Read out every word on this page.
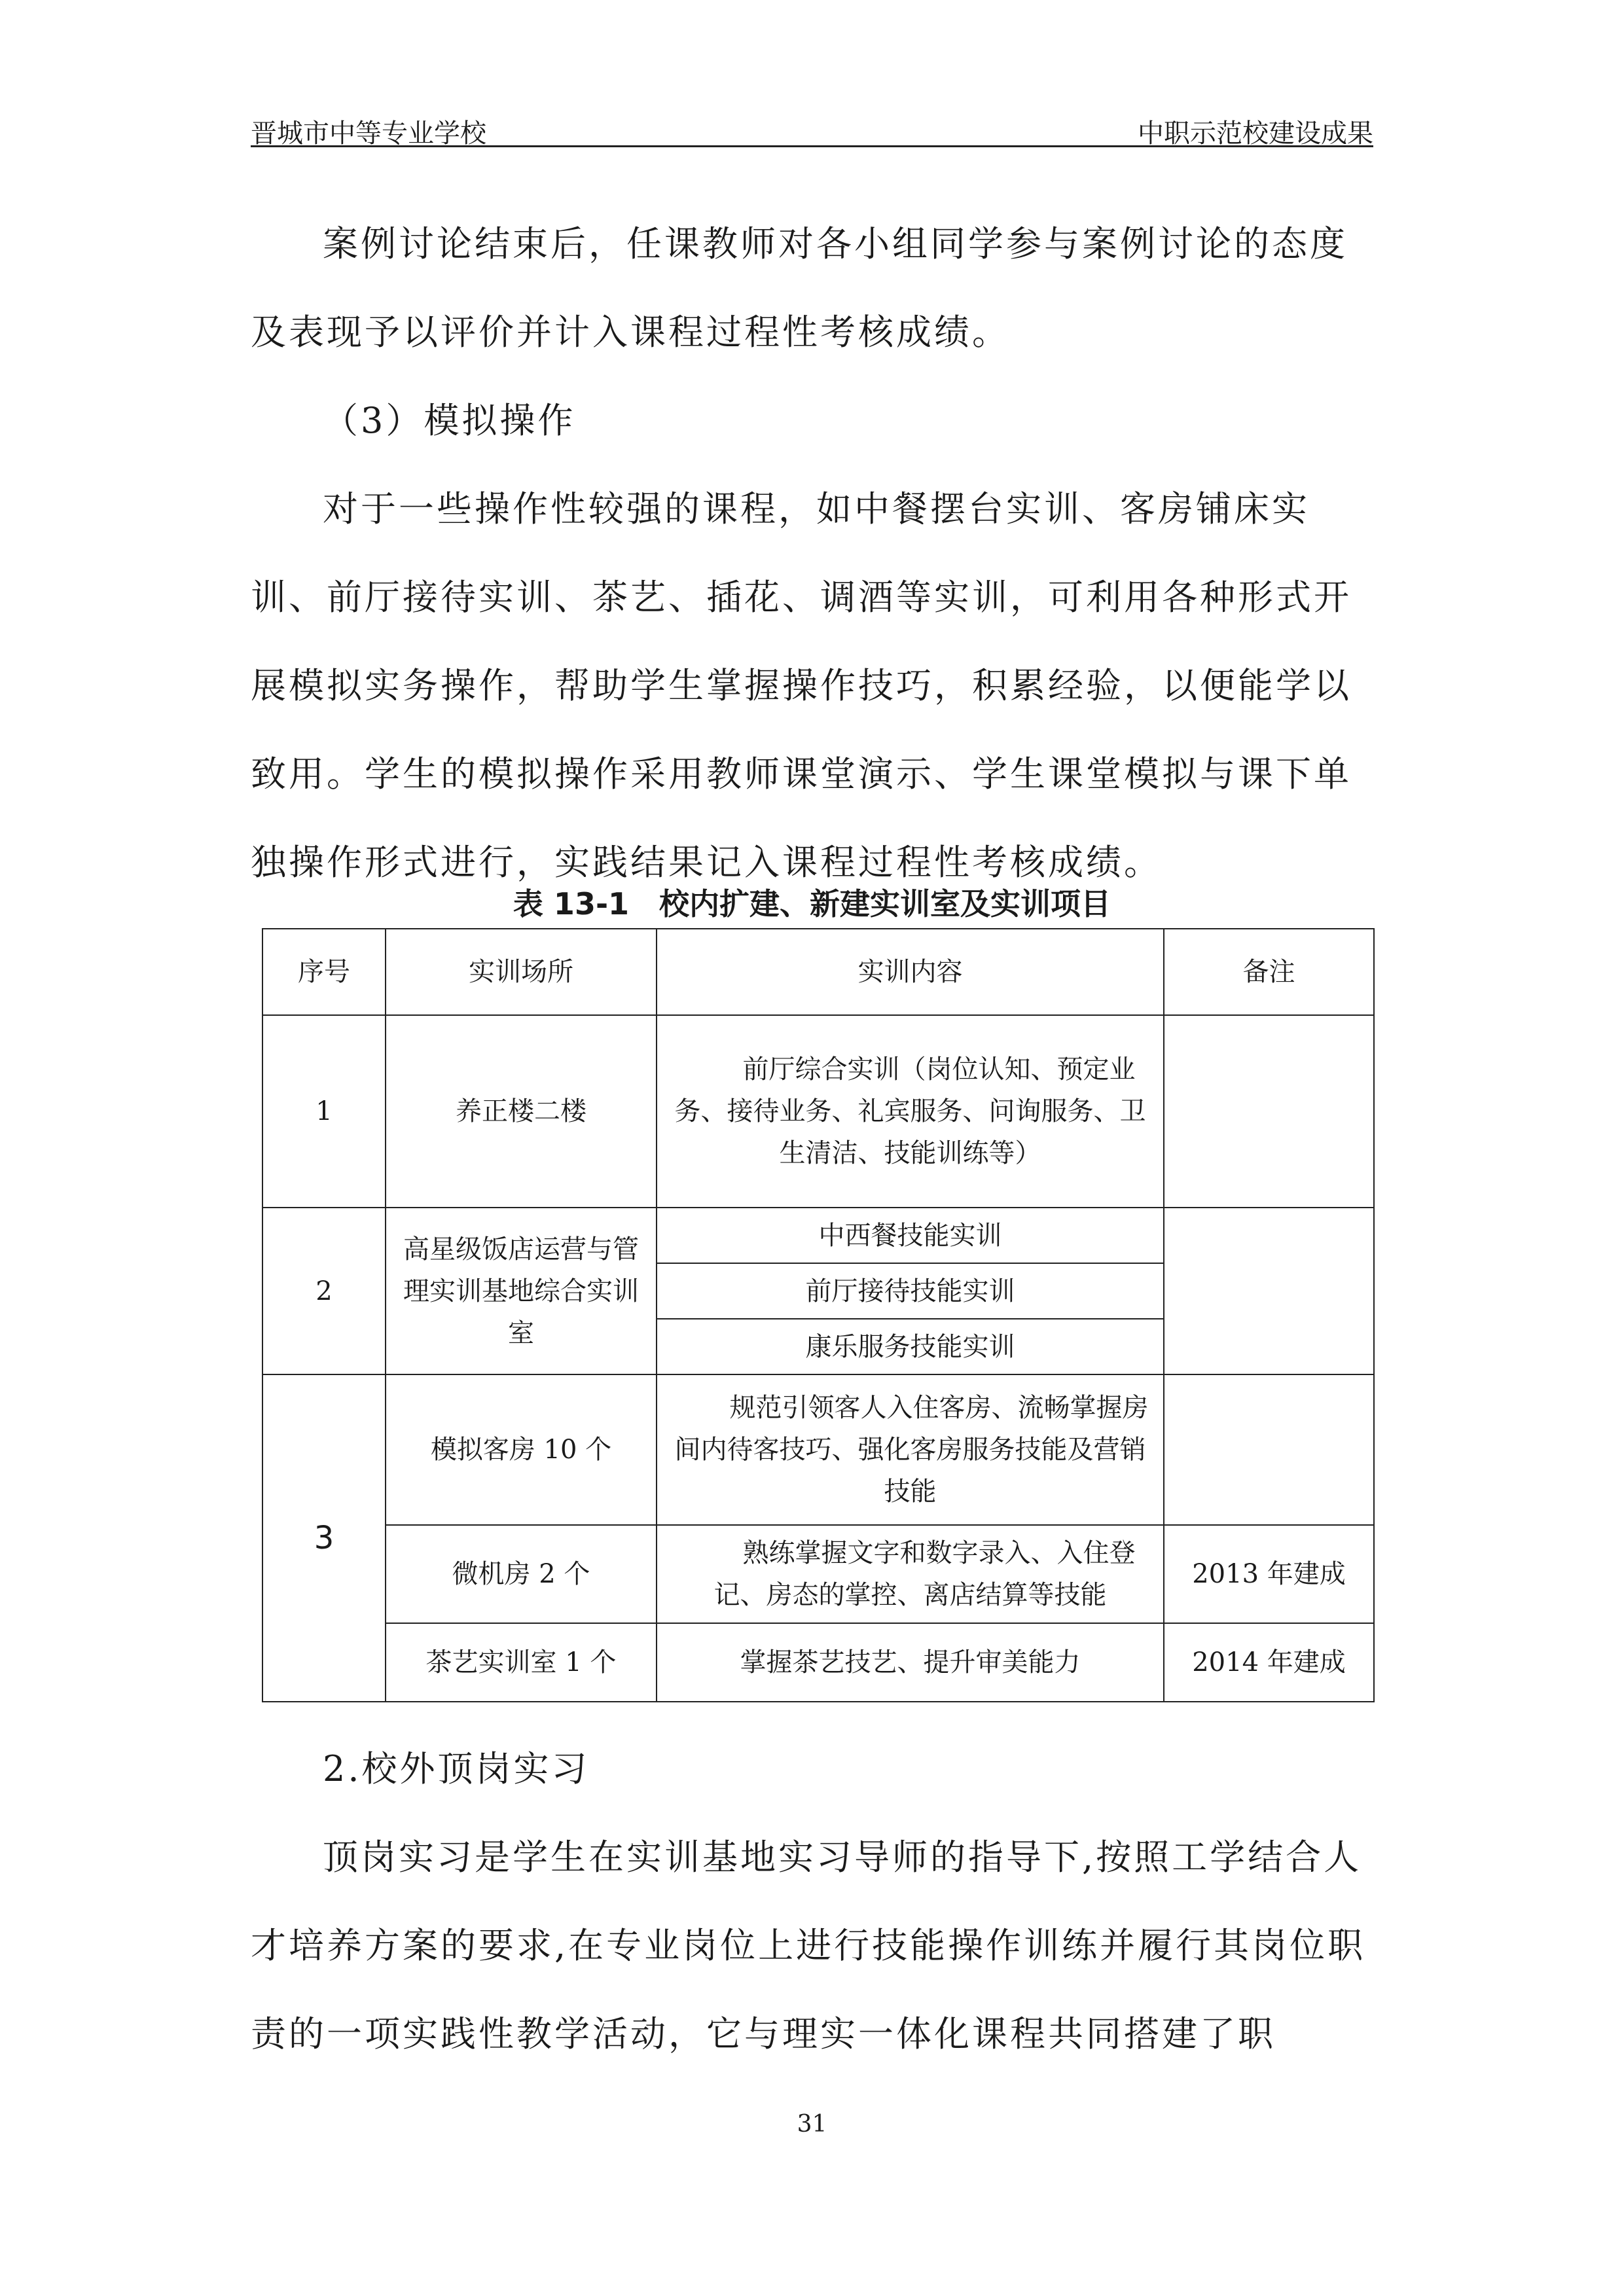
晋城市中等专业学校	中职示范校建设成果

案例讨论结束后，任课教师对各小组同学参与案例讨论的态度及表现予以评价并计入课程过程性考核成绩。

（3）模拟操作

对于一些操作性较强的课程，如中餐摆台实训、客房铺床实训、前厅接待实训、茶艺、插花、调酒等实训，可利用各种形式开展模拟实务操作，帮助学生掌握操作技巧，积累经验，以便能学以致用。学生的模拟操作采用教师课堂演示、学生课堂模拟与课下单独操作形式进行，实践结果记入课程过程性考核成绩。

表 13-1　校内扩建、新建实训室及实训项目
序号	实训场所	实训内容	备注
1	养正楼二楼	前厅综合实训（岗位认知、预定业务、接待业务、礼宾服务、问询服务、卫生清洁、技能训练等）	
2	高星级饭店运营与管理实训基地综合实训室	中西餐技能实训	
		前厅接待技能实训	
		康乐服务技能实训	
3	模拟客房 10 个	规范引领客人入住客房、流畅掌握房间内待客技巧、强化客房服务技能及营销技能	
	微机房 2 个	熟练掌握文字和数字录入、入住登记、房态的掌控、离店结算等技能	2013 年建成
	茶艺实训室 1 个	掌握茶艺技艺、提升审美能力	2014 年建成

2.校外顶岗实习

顶岗实习是学生在实训基地实习导师的指导下,按照工学结合人才培养方案的要求,在专业岗位上进行技能操作训练并履行其岗位职责的一项实践性教学活动，它与理实一体化课程共同搭建了职

31
